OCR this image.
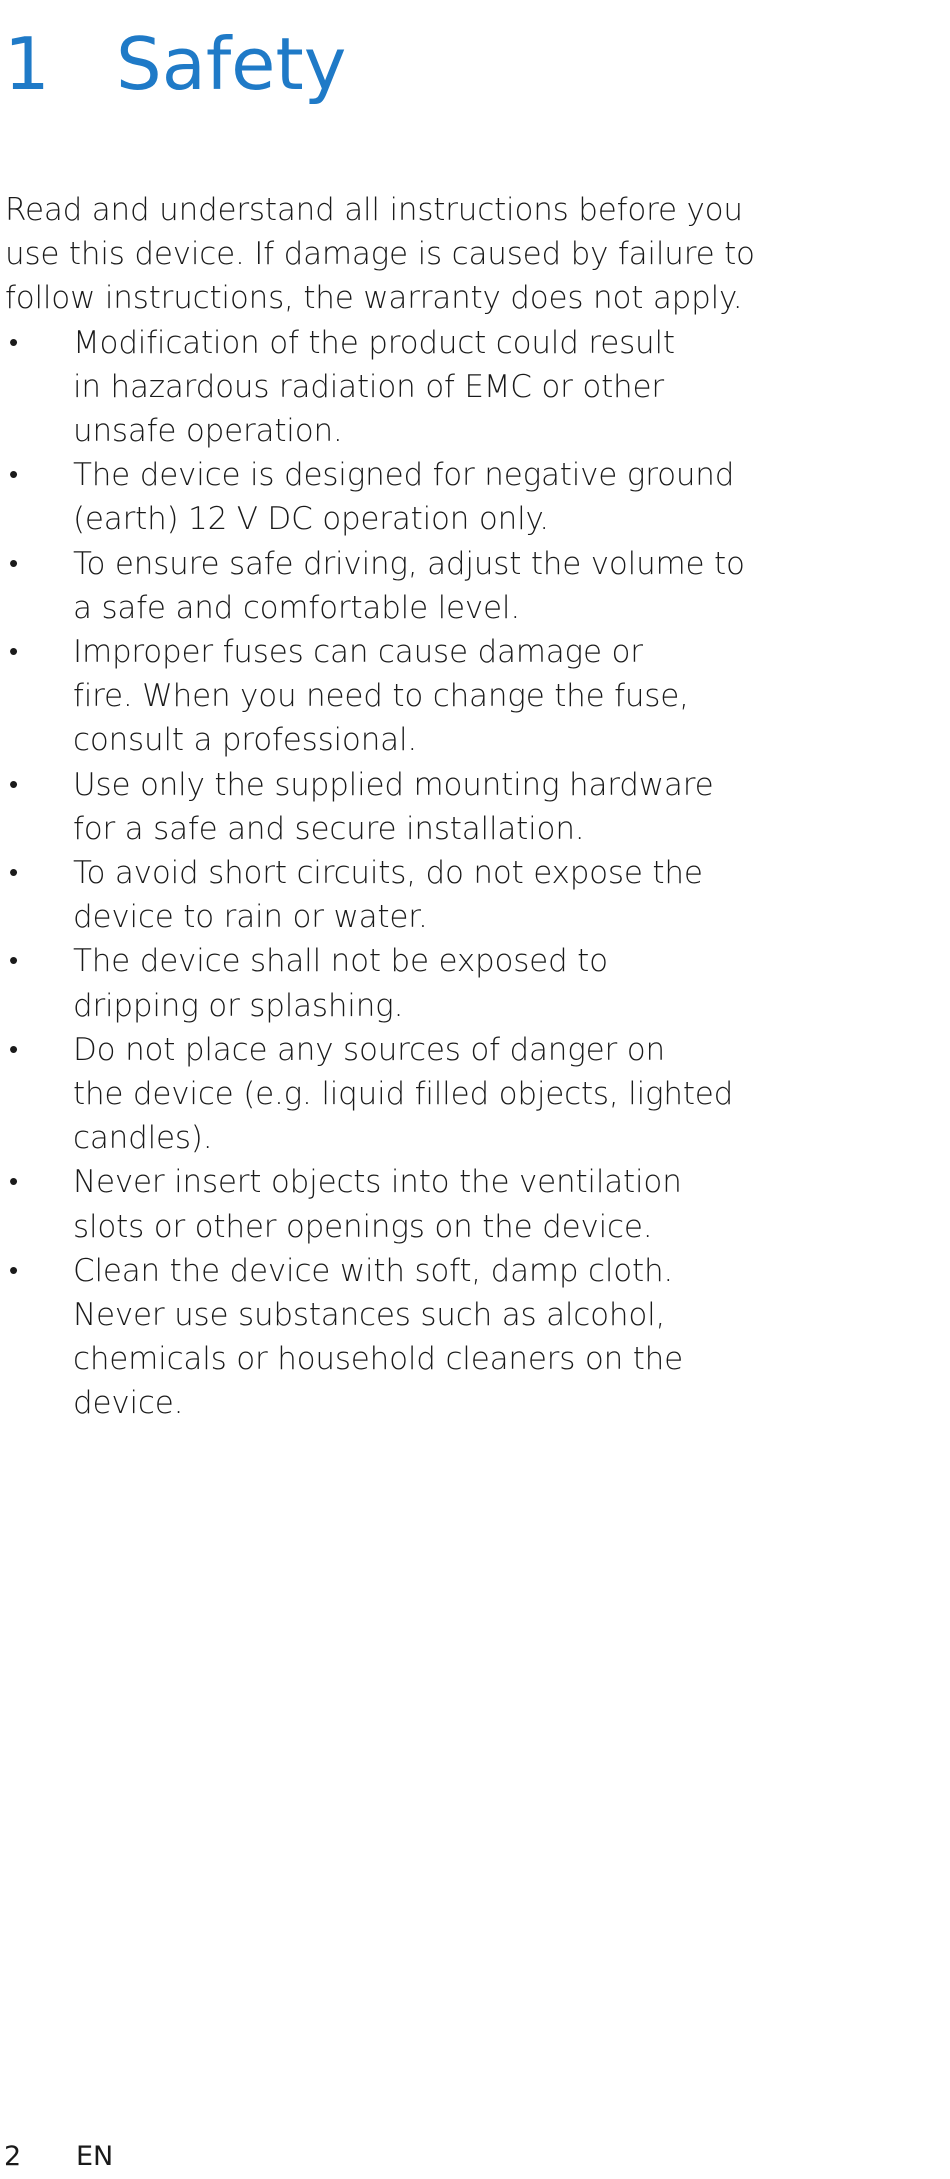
1 Safety

Read and understand all instructions before you
use this device. If damage is caused by failure to
follow instructions, the warranty does not apply.

• Modification of the product could result
in hazardous radiation of EMC or other
unsafe operation.
• The device is designed for negative ground
(earth) 12 V DC operation only.
• To ensure safe driving, adjust the volume to
a safe and comfortable level.
• Improper fuses can cause damage or
fire. When you need to change the fuse,
consult a professional.
• Use only the supplied mounting hardware
for a safe and secure installation.
• To avoid short circuits, do not expose the
device to rain or water.
• The device shall not be exposed to
dripping or splashing.
• Do not place any sources of danger on
the device (e.g. liquid filled objects, lighted
candles).
• Never insert objects into the ventilation
slots or other openings on the device.
• Clean the device with soft, damp cloth.
Never use substances such as alcohol,
chemicals or household cleaners on the
device.
2 EN
